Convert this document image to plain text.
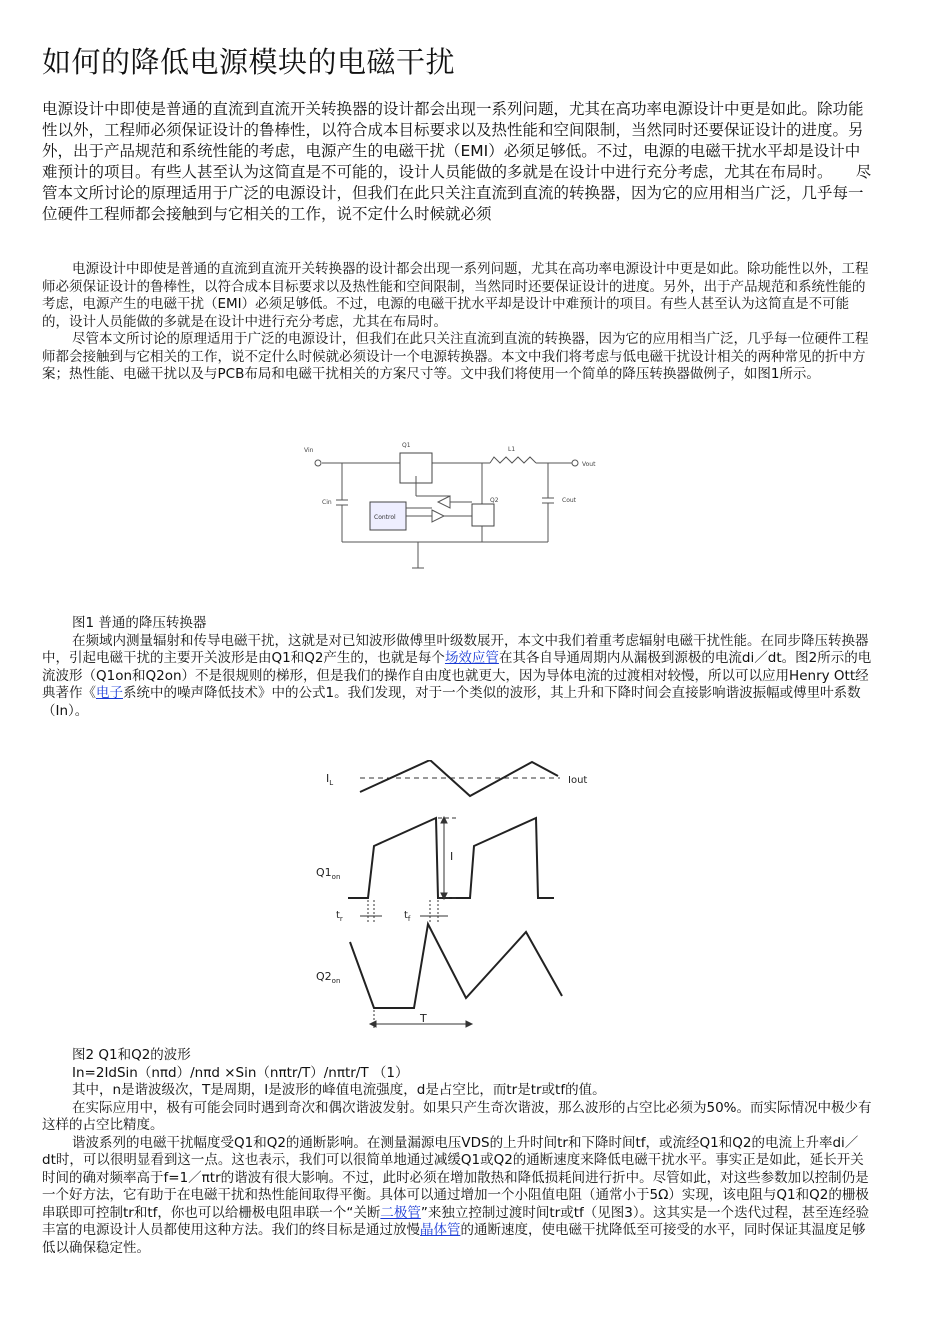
如何的降低电源模块的电磁干扰

电源设计中即使是普通的直流到直流开关转换器的设计都会出现一系列问题，尤其在高功率电源设计中更是如此。除功能性以外，工程师必须保证设计的鲁棒性，以符合成本目标要求以及热性能和空间限制，当然同时还要保证设计的进度。另外，出于产品规范和系统性能的考虑，电源产生的电磁干扰（EMI）必须足够低。不过，电源的电磁干扰水平却是设计中难预计的项目。有些人甚至认为这简直是不可能的，设计人员能做的多就是在设计中进行充分考虑，尤其在布局时。　　尽管本文所讨论的原理适用于广泛的电源设计，但我们在此只关注直流到直流的转换器，因为它的应用相当广泛，几乎每一位硬件工程师都会接触到与它相关的工作，说不定什么时候就必须

电源设计中即使是普通的直流到直流开关转换器的设计都会出现一系列问题，尤其在高功率电源设计中更是如此。除功能性以外，工程师必须保证设计的鲁棒性，以符合成本目标要求以及热性能和空间限制，当然同时还要保证设计的进度。另外，出于产品规范和系统性能的考虑，电源产生的电磁干扰（EMI）必须足够低。不过，电源的电磁干扰水平却是设计中难预计的项目。有些人甚至认为这简直是不可能的，设计人员能做的多就是在设计中进行充分考虑，尤其在布局时。

尽管本文所讨论的原理适用于广泛的电源设计，但我们在此只关注直流到直流的转换器，因为它的应用相当广泛，几乎每一位硬件工程师都会接触到与它相关的工作，说不定什么时候就必须设计一个电源转换器。本文中我们将考虑与低电磁干扰设计相关的两种常见的折中方案；热性能、电磁干扰以及与PCB布局和电磁干扰相关的方案尺寸等。文中我们将使用一个简单的降压转换器做例子，如图1所示。

Vin
Q1
L1
Vout
Cin	Cout
Control
Q2

图1 普通的降压转换器

在频域内测量辐射和传导电磁干扰，这就是对已知波形做傅里叶级数展开，本文中我们着重考虑辐射电磁干扰性能。在同步降压转换器中，引起电磁干扰的主要开关波形是由Q1和Q2产生的，也就是每个场效应管在其各自导通周期内从漏极到源极的电流di／dt。图2所示的电流波形（Q1on和Q2on）不是很规则的梯形，但是我们的操作自由度也就更大，因为导体电流的过渡相对较慢，所以可以应用Henry Ott经典著作《电子系统中的噪声降低技术》中的公式1。我们发现，对于一个类似的波形，其上升和下降时间会直接影响谐波振幅或傅里叶系数（In）。

$I_L$	Iout
$Q1_{on}$
I
$t_r$	$t_f$
$Q2_{on}$
T

图2 Q1和Q2的波形

In=2IdSin（nπd）/nπd ×Sin（nπtr/T）/nπtr/T （1）

其中，n是谐波级次，T是周期，I是波形的峰值电流强度，d是占空比，而tr是tr或tf的值。

在实际应用中，极有可能会同时遇到奇次和偶次谐波发射。如果只产生奇次谐波，那么波形的占空比必须为50%。而实际情况中极少有这样的占空比精度。

谐波系列的电磁干扰幅度受Q1和Q2的通断影响。在测量漏源电压VDS的上升时间tr和下降时间tf，或流经Q1和Q2的电流上升率di／dt时，可以很明显看到这一点。这也表示，我们可以很简单地通过减缓Q1或Q2的通断速度来降低电磁干扰水平。事实正是如此，延长开关时间的确对频率高于f=1／πtr的谐波有很大影响。不过，此时必须在增加散热和降低损耗间进行折中。尽管如此，对这些参数加以控制仍是一个好方法，它有助于在电磁干扰和热性能间取得平衡。具体可以通过增加一个小阻值电阻（通常小于5Ω）实现，该电阻与Q1和Q2的栅极串联即可控制tr和tf，你也可以给栅极电阻串联一个“关断二极管”来独立控制过渡时间tr或tf（见图3）。这其实是一个迭代过程，甚至连经验丰富的电源设计人员都使用这种方法。我们的终目标是通过放慢晶体管的通断速度，使电磁干扰降低至可接受的水平，同时保证其温度足够低以确保稳定性。
